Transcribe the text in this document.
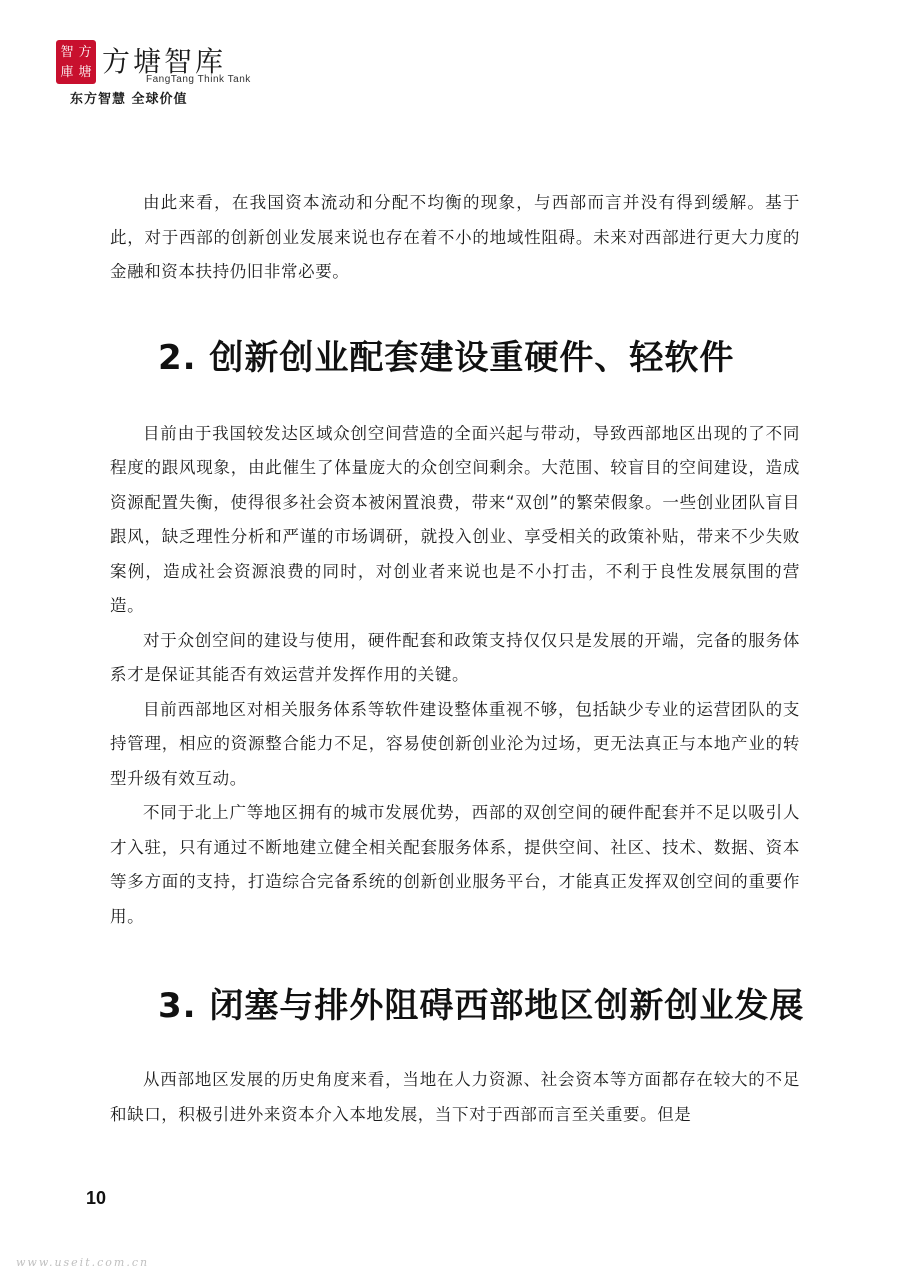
智 方
庫 塘 方塘智库
FangTang Think Tank
东方智慧 全球价值

由此来看，在我国资本流动和分配不均衡的现象，与西部而言并没有得到缓解。基于此，对于西部的创新创业发展来说也存在着不小的地域性阻碍。未来对西部进行更大力度的金融和资本扶持仍旧非常必要。

2. 创新创业配套建设重硬件、轻软件

目前由于我国较发达区域众创空间营造的全面兴起与带动，导致西部地区出现的了不同程度的跟风现象，由此催生了体量庞大的众创空间剩余。大范围、较盲目的空间建设，造成资源配置失衡，使得很多社会资本被闲置浪费，带来“双创”的繁荣假象。一些创业团队盲目跟风，缺乏理性分析和严谨的市场调研，就投入创业、享受相关的政策补贴，带来不少失败案例，造成社会资源浪费的同时，对创业者来说也是不小打击，不利于良性发展氛围的营造。

对于众创空间的建设与使用，硬件配套和政策支持仅仅只是发展的开端，完备的服务体系才是保证其能否有效运营并发挥作用的关键。

目前西部地区对相关服务体系等软件建设整体重视不够，包括缺少专业的运营团队的支持管理，相应的资源整合能力不足，容易使创新创业沦为过场，更无法真正与本地产业的转型升级有效互动。

不同于北上广等地区拥有的城市发展优势，西部的双创空间的硬件配套并不足以吸引人才入驻，只有通过不断地建立健全相关配套服务体系，提供空间、社区、技术、数据、资本等多方面的支持，打造综合完备系统的创新创业服务平台，才能真正发挥双创空间的重要作用。

3. 闭塞与排外阻碍西部地区创新创业发展

从西部地区发展的历史角度来看，当地在人力资源、社会资本等方面都存在较大的不足和缺口，积极引进外来资本介入本地发展，当下对于西部而言至关重要。但是

10
www.useit.com.cn
